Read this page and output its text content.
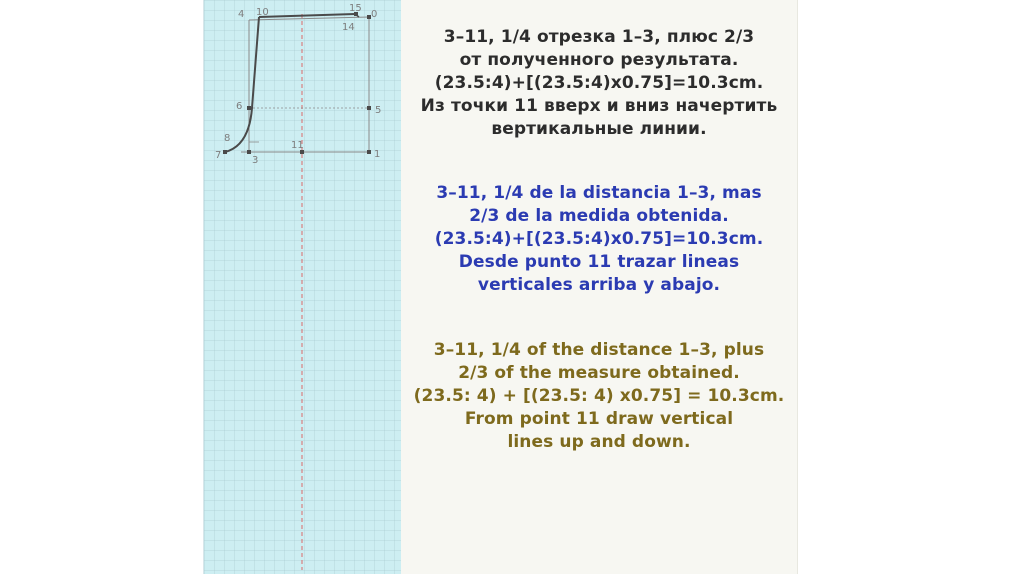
4 10	15
0
14
6	5
8
7
11
3
1
3–11, 1/4 отрезка 1–3, плюс 2/3
от полученного результата.
(23.5:4)+[(23.5:4)x0.75]=10.3cm.
Из точки 11 вверх и вниз начертить
вертикальные линии.
3–11, 1/4 de la distancia 1–3, mas
2/3 de la medida obtenida.
(23.5:4)+[(23.5:4)x0.75]=10.3cm.
Desde punto 11 trazar lineas
verticales arriba y abajo.
3–11, 1/4 of the distance 1–3, plus
2/3 of the measure obtained.
(23.5: 4) + [(23.5: 4) x0.75] = 10.3cm.
From point 11 draw vertical
lines up and down.
